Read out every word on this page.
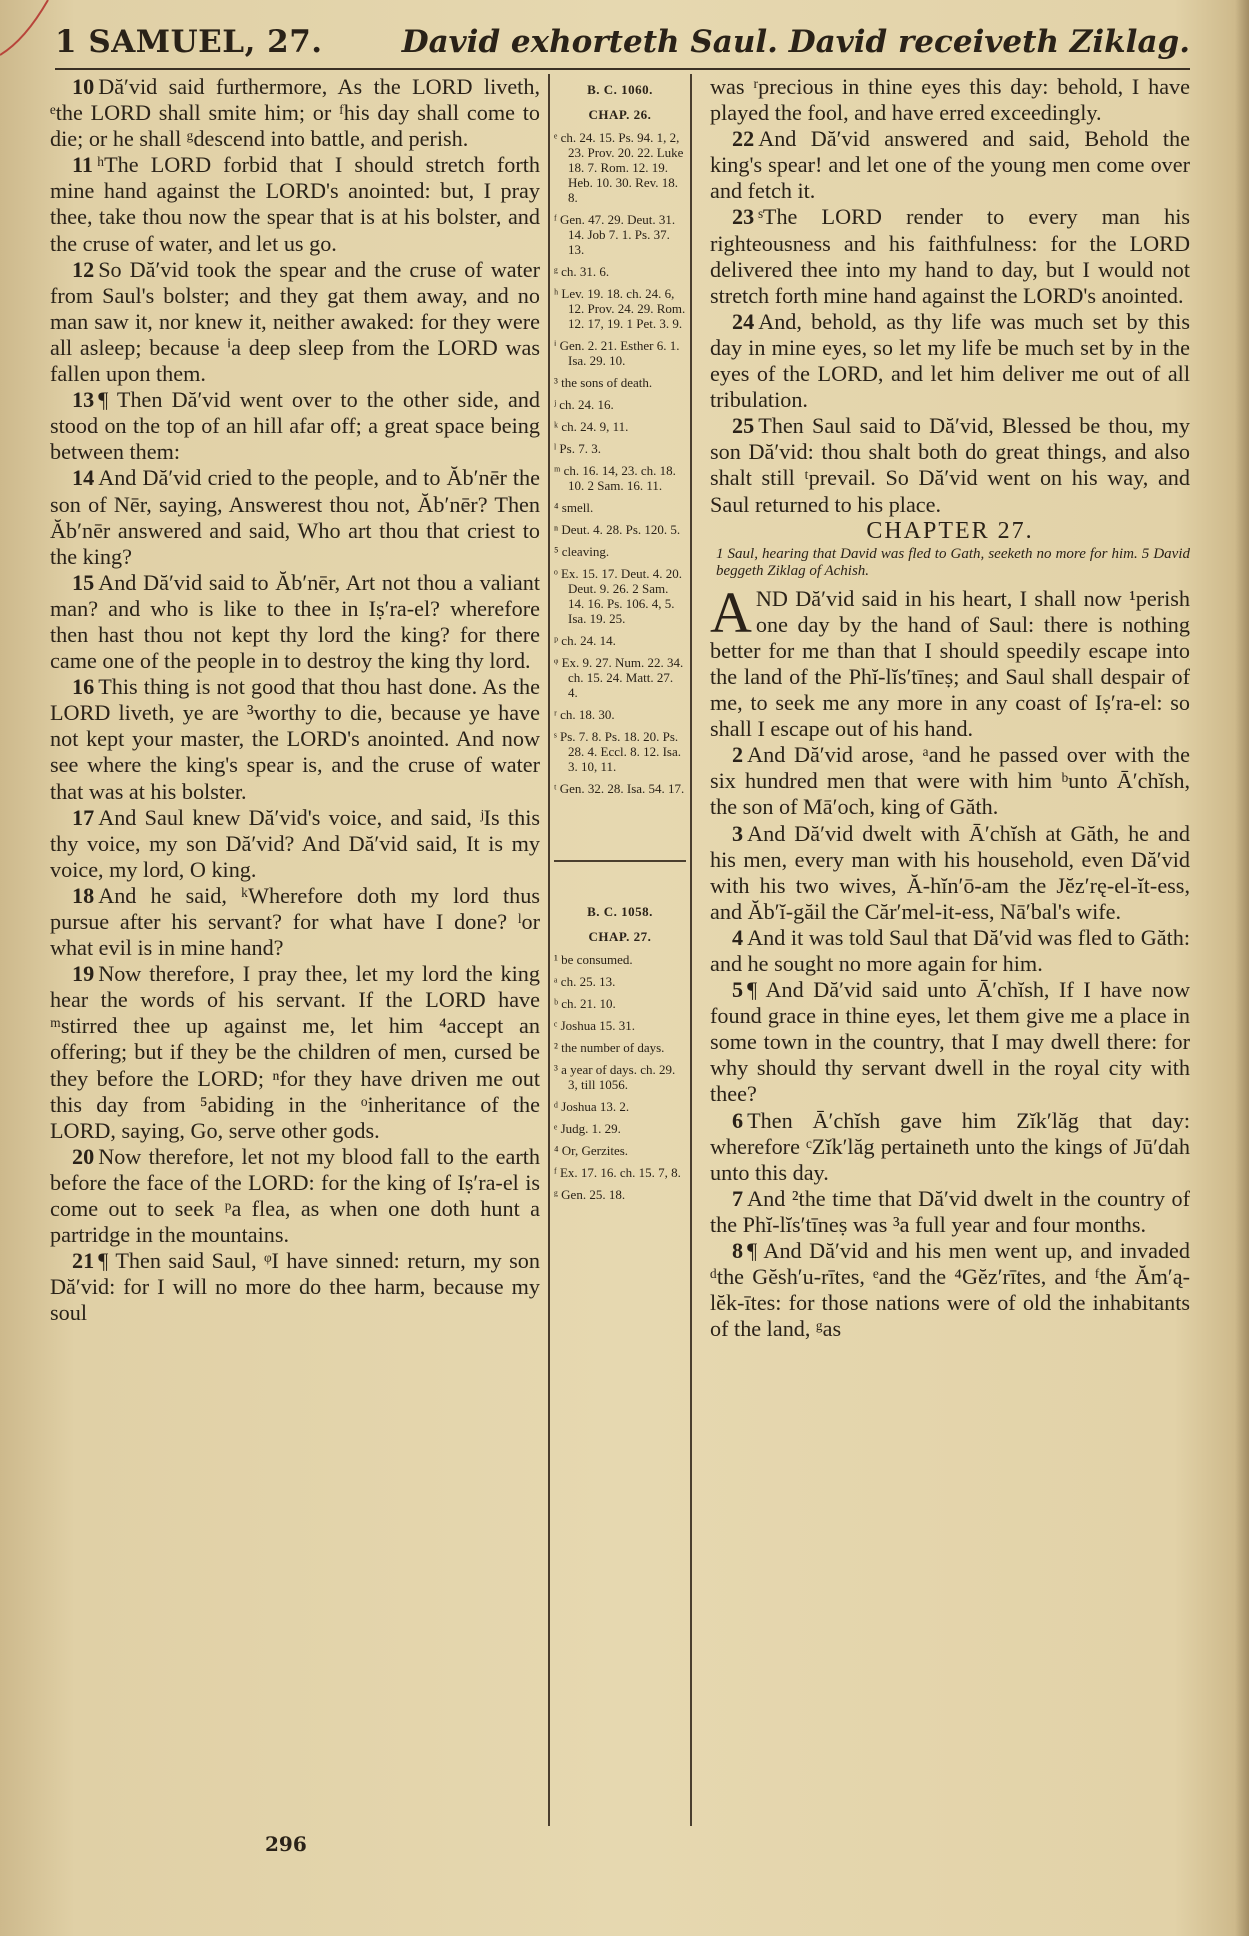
1 SAMUEL, 27.	David exhorteth Saul. David receiveth Ziklag.

10 Dă′vid said furthermore, As the LORD liveth, ᵉthe LORD shall smite him; or ᶠhis day shall come to die; or he shall ᵍdescend into battle, and perish.

11 ʰThe LORD forbid that I should stretch forth mine hand against the LORD's anointed: but, I pray thee, take thou now the spear that is at his bolster, and the cruse of water, and let us go.

12 So Dă′vid took the spear and the cruse of water from Saul's bolster; and they gat them away, and no man saw it, nor knew it, neither awaked: for they were all asleep; because ⁱa deep sleep from the LORD was fallen upon them.

13 ¶ Then Dă′vid went over to the other side, and stood on the top of an hill afar off; a great space being between them:

14 And Dă′vid cried to the people, and to Ăb′nēr the son of Nēr, saying, Answerest thou not, Ăb′nēr? Then Ăb′nēr answered and said, Who art thou that criest to the king?

15 And Dă′vid said to Ăb′nēr, Art not thou a valiant man? and who is like to thee in Iṣ′ra-el? wherefore then hast thou not kept thy lord the king? for there came one of the people in to destroy the king thy lord.

16 This thing is not good that thou hast done. As the LORD liveth, ye are ³worthy to die, because ye have not kept your master, the LORD's anointed. And now see where the king's spear is, and the cruse of water that was at his bolster.

17 And Saul knew Dă′vid's voice, and said, ʲIs this thy voice, my son Dă′vid? And Dă′vid said, It is my voice, my lord, O king.

18 And he said, ᵏWherefore doth my lord thus pursue after his servant? for what have I done? ˡor what evil is in mine hand?

19 Now therefore, I pray thee, let my lord the king hear the words of his servant. If the LORD have ᵐstirred thee up against me, let him ⁴accept an offering; but if they be the children of men, cursed be they before the LORD; ⁿfor they have driven me out this day from ⁵abiding in the ᵒinheritance of the LORD, saying, Go, serve other gods.

20 Now therefore, let not my blood fall to the earth before the face of the LORD: for the king of Iṣ′ra-el is come out to seek ᵖa flea, as when one doth hunt a partridge in the mountains.

21 ¶ Then said Saul, ᵠI have sinned: return, my son Dă′vid: for I will no more do thee harm, because my soul

B. C. 1060.
CHAP. 26.
ᵉ ch. 24. 15. Ps. 94. 1, 2, 23. Prov. 20. 22. Luke 18. 7. Rom. 12. 19. Heb. 10. 30. Rev. 18. 8.
ᶠ Gen. 47. 29. Deut. 31. 14. Job 7. 1. Ps. 37. 13.
ᵍ ch. 31. 6.
ʰ Lev. 19. 18. ch. 24. 6, 12. Prov. 24. 29. Rom. 12. 17, 19. 1 Pet. 3. 9.
ⁱ Gen. 2. 21. Esther 6. 1. Isa. 29. 10.
³ the sons of death.
ʲ ch. 24. 16.
ᵏ ch. 24. 9, 11.
ˡ Ps. 7. 3.
ᵐ ch. 16. 14, 23. ch. 18. 10. 2 Sam. 16. 11.
⁴ smell.
ⁿ Deut. 4. 28. Ps. 120. 5.
⁵ cleaving.
ᵒ Ex. 15. 17. Deut. 4. 20. Deut. 9. 26. 2 Sam. 14. 16. Ps. 106. 4, 5. Isa. 19. 25.
ᵖ ch. 24. 14.
ᵠ Ex. 9. 27. Num. 22. 34. ch. 15. 24. Matt. 27. 4.
ʳ ch. 18. 30.
ˢ Ps. 7. 8. Ps. 18. 20. Ps. 28. 4. Eccl. 8. 12. Isa. 3. 10, 11.
ᵗ Gen. 32. 28. Isa. 54. 17.
B. C. 1058.
CHAP. 27.
¹ be consumed.
ᵃ ch. 25. 13.
ᵇ ch. 21. 10.
ᶜ Joshua 15. 31.
² the number of days.
³ a year of days. ch. 29. 3, till 1056.
ᵈ Joshua 13. 2.
ᵉ Judg. 1. 29.
⁴ Or, Gerzites.
ᶠ Ex. 17. 16. ch. 15. 7, 8.
ᵍ Gen. 25. 18.

was ʳprecious in thine eyes this day: behold, I have played the fool, and have erred exceedingly.

22 And Dă′vid answered and said, Behold the king's spear! and let one of the young men come over and fetch it.

23 ˢThe LORD render to every man his righteousness and his faithfulness: for the LORD delivered thee into my hand to day, but I would not stretch forth mine hand against the LORD's anointed.

24 And, behold, as thy life was much set by this day in mine eyes, so let my life be much set by in the eyes of the LORD, and let him deliver me out of all tribulation.

25 Then Saul said to Dă′vid, Blessed be thou, my son Dă′vid: thou shalt both do great things, and also shalt still ᵗprevail. So Dă′vid went on his way, and Saul returned to his place.

CHAPTER 27.

1 Saul, hearing that David was fled to Gath, seeketh no more for him. 5 David beggeth Ziklag of Achish.

AND Dă′vid said in his heart, I shall now ¹perish one day by the hand of Saul: there is nothing better for me than that I should speedily escape into the land of the Phĭ-lĭs′tīneṣ; and Saul shall despair of me, to seek me any more in any coast of Iṣ′ra-el: so shall I escape out of his hand.

2 And Dă′vid arose, ᵃand he passed over with the six hundred men that were with him ᵇunto Ā′chĭsh, the son of Mā′och, king of Găth.

3 And Dă′vid dwelt with Ā′chĭsh at Găth, he and his men, every man with his household, even Dă′vid with his two wives, Ă-hĭn′ō-am the Jĕz′rę-el-ĭt-ess, and Ăb′ĭ-găil the Căr′mel-it-ess, Nā′bal's wife.

4 And it was told Saul that Dă′vid was fled to Găth: and he sought no more again for him.

5 ¶ And Dă′vid said unto Ā′chĭsh, If I have now found grace in thine eyes, let them give me a place in some town in the country, that I may dwell there: for why should thy servant dwell in the royal city with thee?

6 Then Ā′chĭsh gave him Zĭk′lăg that day: wherefore ᶜZĭk′lăg pertaineth unto the kings of Jū′dah unto this day.

7 And ²the time that Dă′vid dwelt in the country of the Phĭ-lĭs′tīneṣ was ³a full year and four months.

8 ¶ And Dă′vid and his men went up, and invaded ᵈthe Gĕsh′u-rītes, ᵉand the ⁴Gĕz′rītes, and ᶠthe Ăm′ą-lĕk-ītes: for those nations were of old the inhabitants of the land, ᵍas

296
